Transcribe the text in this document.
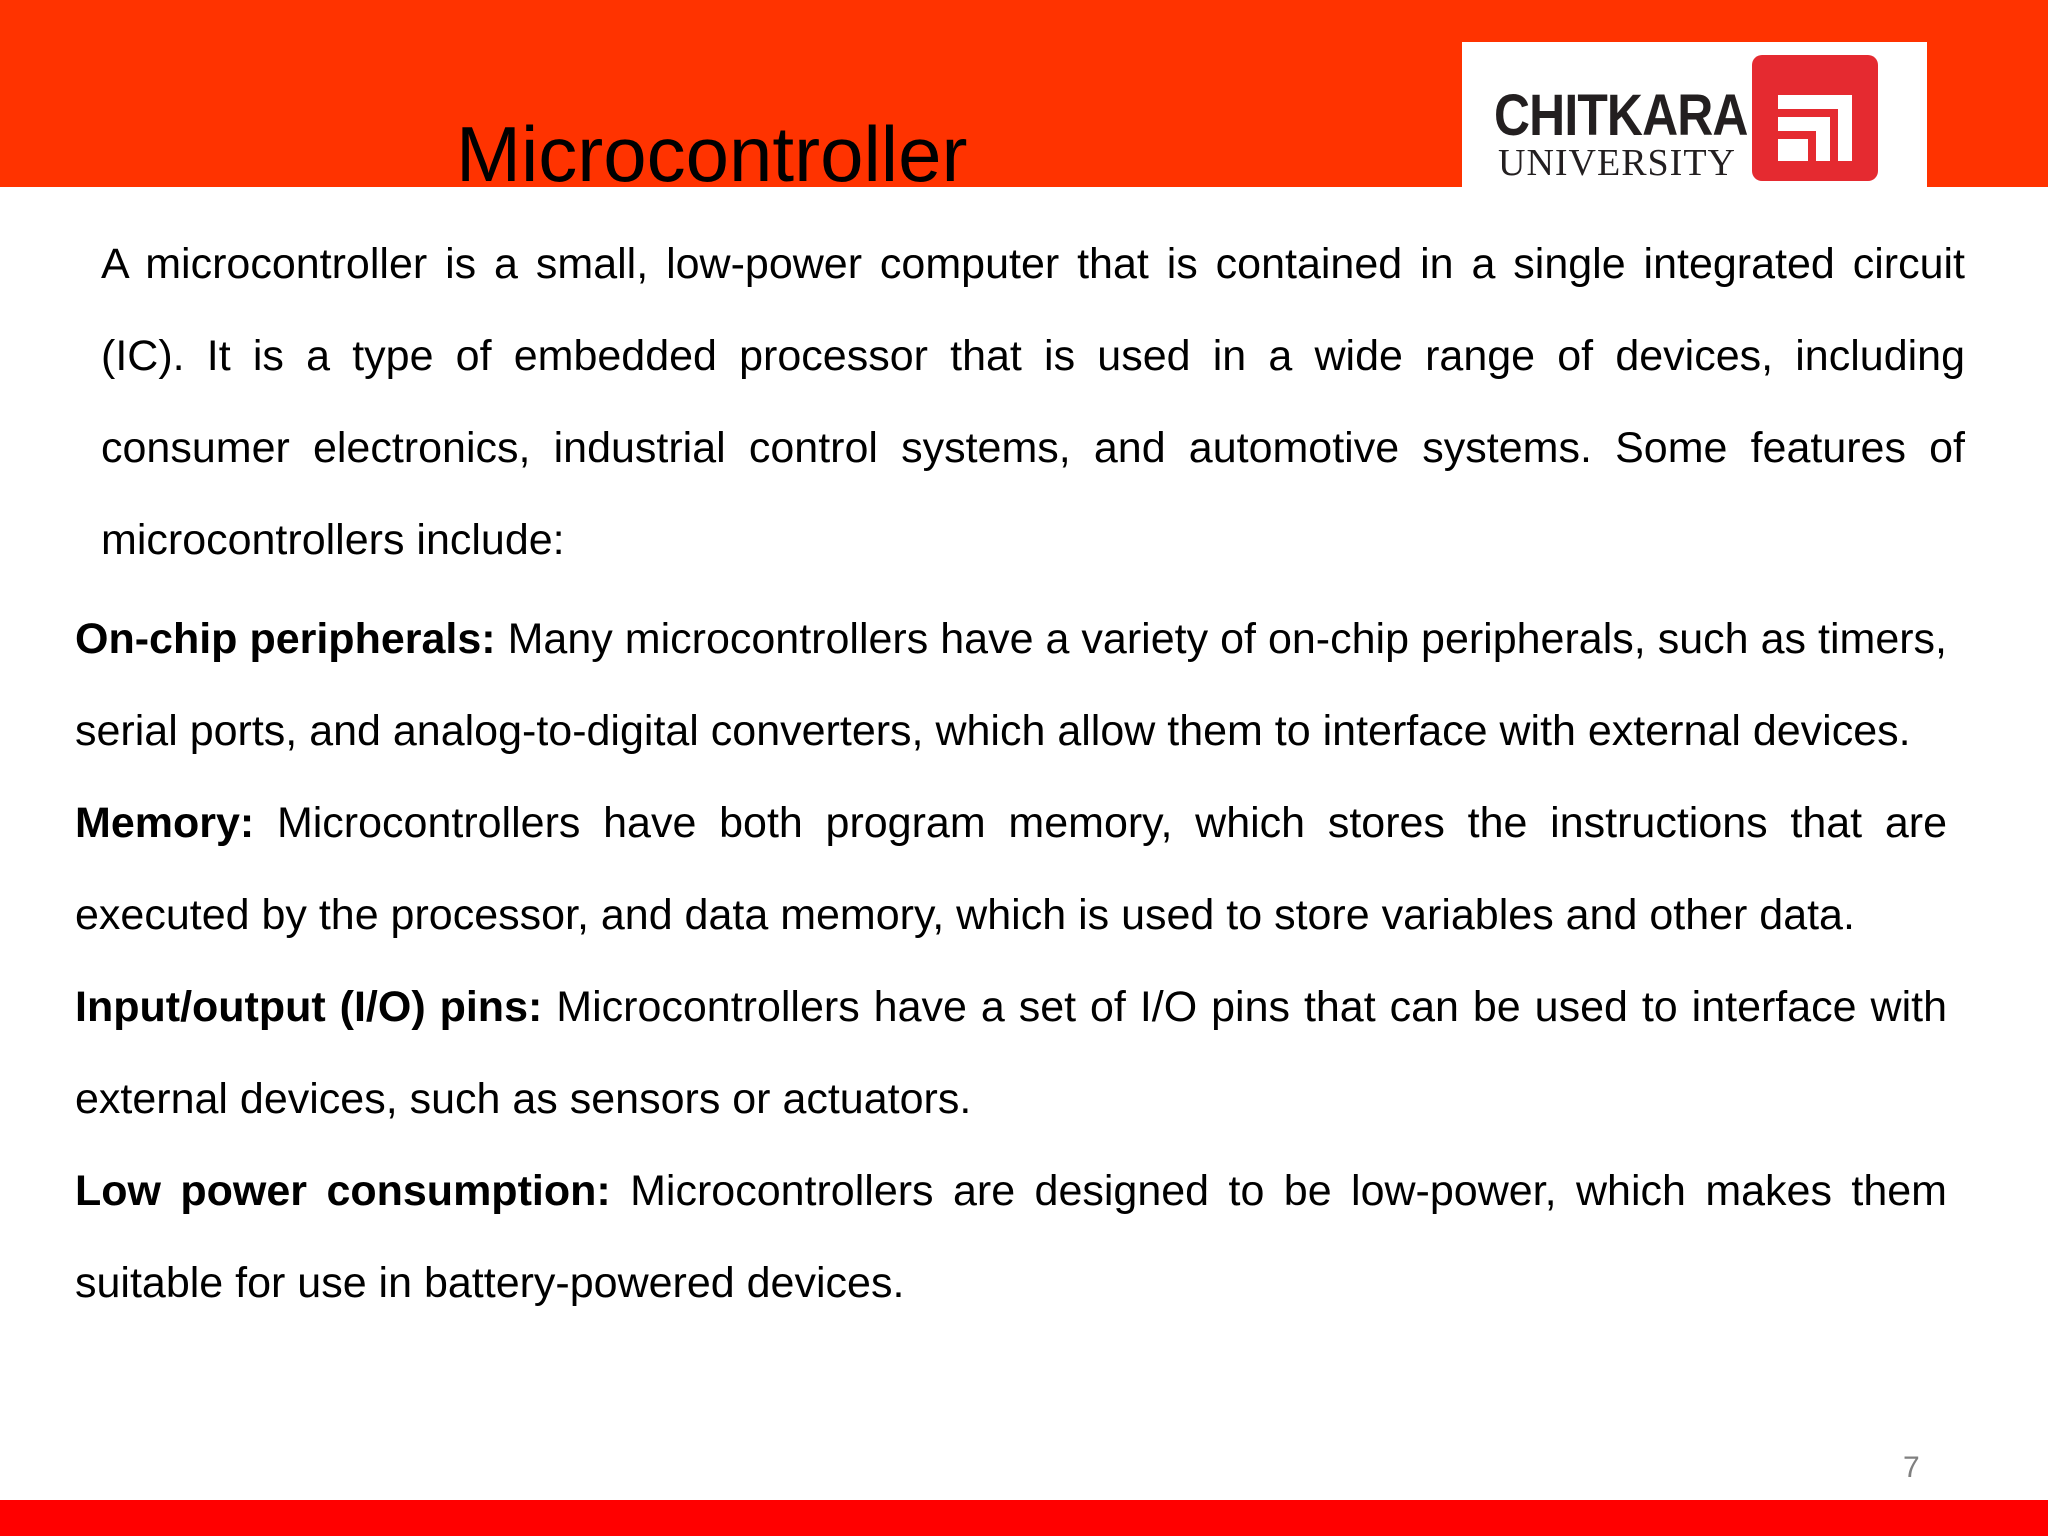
Microcontroller	CHITKARA
UNIVERSITY

A microcontroller is a small, low-power computer that is contained in a single integrated circuit (IC). It is a type of embedded processor that is used in a wide range of devices, including consumer electronics, industrial control systems, and automotive systems. Some features of microcontrollers include:

On-chip peripherals: Many microcontrollers have a variety of on-chip peripherals, such as timers, serial ports, and analog-to-digital converters, which allow them to interface with external devices.

Memory: Microcontrollers have both program memory, which stores the instructions that are executed by the processor, and data memory, which is used to store variables and other data.

Input/output (I/O) pins: Microcontrollers have a set of I/O pins that can be used to interface with external devices, such as sensors or actuators.

Low power consumption: Microcontrollers are designed to be low-power, which makes them suitable for use in battery-powered devices.

7
